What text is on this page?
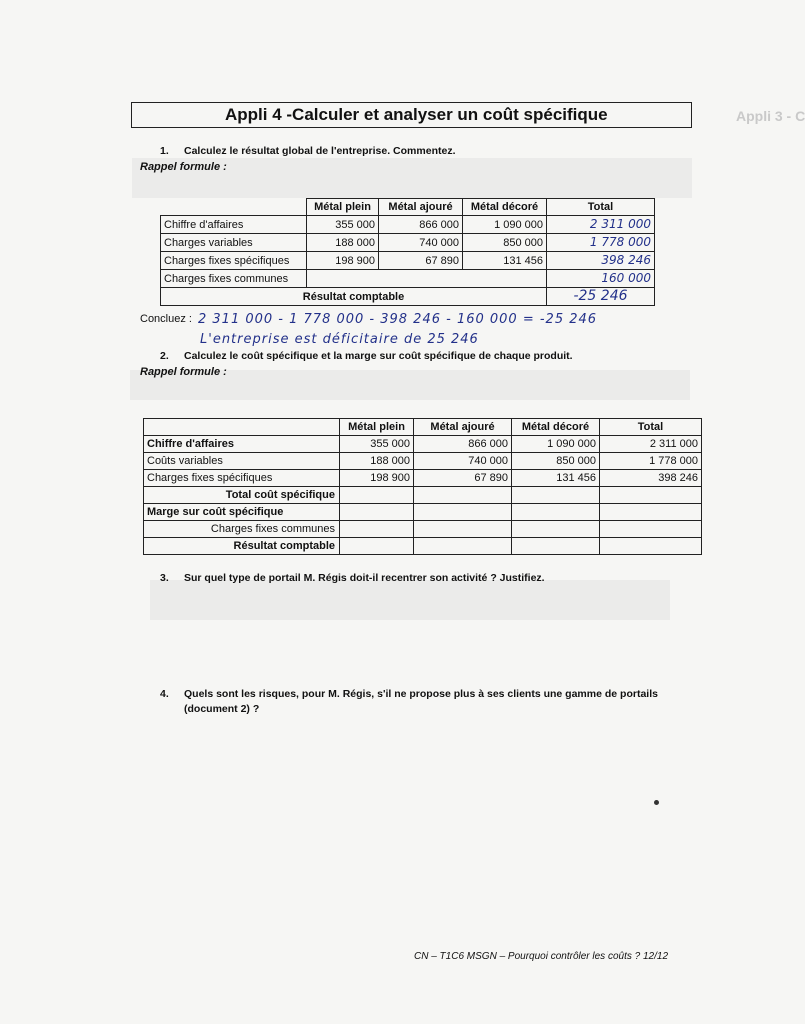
Appli 4 -Calculer et analyser un coût spécifique	Appli 3 - C
1. Calculez le résultat global de l'entreprise. Commentez.
Rappel formule :
	Métal plein	Métal ajouré	Métal décoré	Total
Chiffre d'affaires	355 000	866 000	1 090 000	2 311 000
Charges variables	188 000	740 000	850 000	1 778 000
Charges fixes spécifiques	198 900	67 890	131 456	398 246
Charges fixes communes				160 000
Résultat comptable				-25 246
Concluez : 2 311 000 - 1 778 000 - 398 246 - 160 000 = -25 246
L'entreprise est déficitaire de 25 246
2. Calculez le coût spécifique et la marge sur coût spécifique de chaque produit.
Rappel formule :
	Métal plein	Métal ajouré	Métal décoré	Total
Chiffre d'affaires	355 000	866 000	1 090 000	2 311 000
Coûts variables	188 000	740 000	850 000	1 778 000
Charges fixes spécifiques	198 900	67 890	131 456	398 246
Total coût spécifique				
Marge sur coût spécifique				
Charges fixes communes				
Résultat comptable				
3. Sur quel type de portail M. Régis doit-il recentrer son activité ? Justifiez.
4. Quels sont les risques, pour M. Régis, s'il ne propose plus à ses clients une gamme de portails
(document 2) ?
CN – T1C6 MSGN – Pourquoi contrôler les coûts ? 12/12
